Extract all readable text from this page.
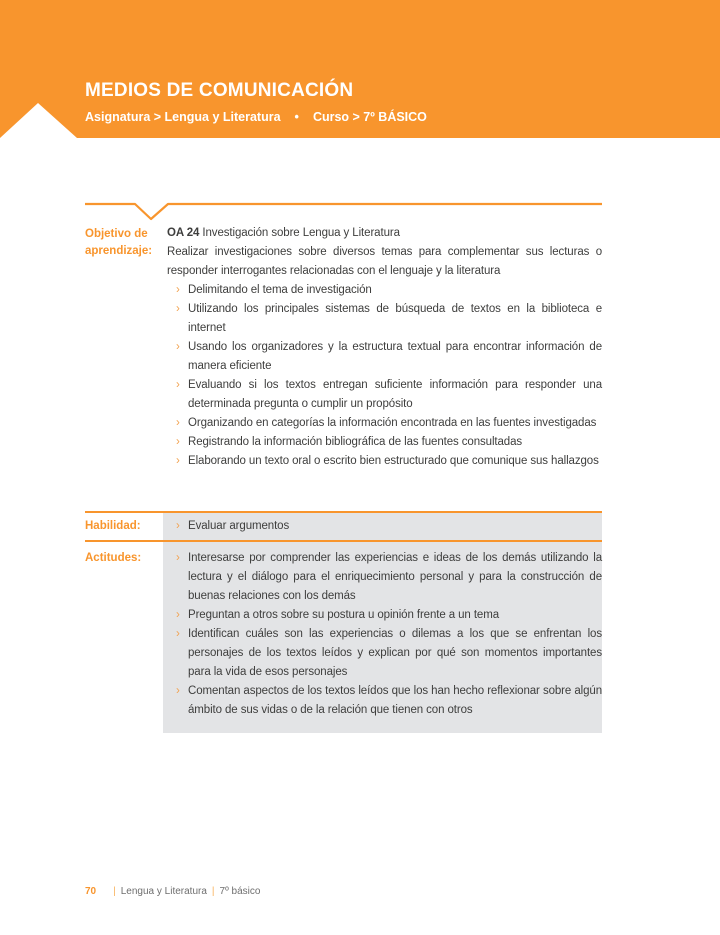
MEDIOS DE COMUNICACIÓN
Asignatura > Lengua y Literatura • Curso > 7º BÁSICO
Objetivo de
aprendizaje:
OA 24 Investigación sobre Lengua y Literatura
Realizar investigaciones sobre diversos temas para complementar sus lecturas o responder interrogantes relacionadas con el lenguaje y la literatura
› Delimitando el tema de investigación
› Utilizando los principales sistemas de búsqueda de textos en la biblioteca e internet
› Usando los organizadores y la estructura textual para encontrar información de manera eficiente
› Evaluando si los textos entregan suficiente información para responder una determinada pregunta o cumplir un propósito
› Organizando en categorías la información encontrada en las fuentes investigadas
› Registrando la información bibliográfica de las fuentes consultadas
› Elaborando un texto oral o escrito bien estructurado que comunique sus hallazgos
Habilidad:	› Evaluar argumentos
Actitudes:	› Interesarse por comprender las experiencias e ideas de los demás utilizando la lectura y el diálogo para el enriquecimiento personal y para la construcción de buenas relaciones con los demás
› Preguntan a otros sobre su postura u opinión frente a un tema
› Identifican cuáles son las experiencias o dilemas a los que se enfrentan los personajes de los textos leídos y explican por qué son momentos importantes para la vida de esos personajes
› Comentan aspectos de los textos leídos que los han hecho reflexionar sobre algún ámbito de sus vidas o de la relación que tienen con otros
70 | Lengua y Literatura | 7º básico
